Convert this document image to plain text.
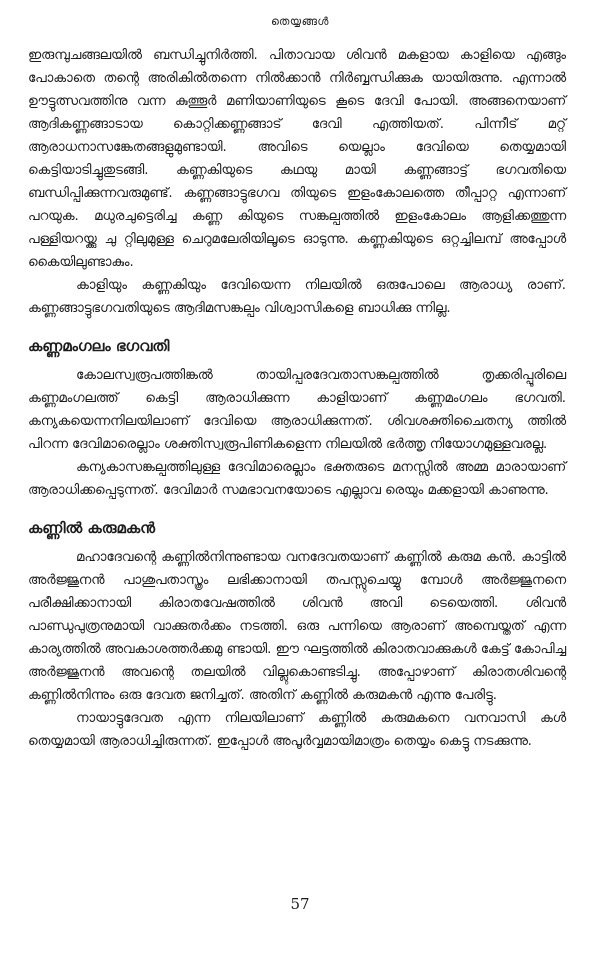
തെയ്യങ്ങൾ

ഇരുമ്പുചങ്ങലയിൽ ബന്ധിച്ചുനിർത്തി. പിതാവായ ശിവൻ മകളായ കാളിയെ എങ്ങും പോകാതെ തന്റെ അരികിൽതന്നെ നിൽക്കാൻ നിർബ്ബന്ധിക്കുക യായിരുന്നു. എന്നാൽ ഊട്ടുത്സവത്തിനു വന്ന കുത്തൂർ മണിയാണിയുടെ കൂടെ ദേവി പോയി. അങ്ങനെയാണ് ആദികണ്ണങ്ങാടായ കൊറ്റിക്കണ്ണങ്ങാട് ദേവി എത്തിയത്. പിന്നീട് മറ്റ് ആരാധനാസങ്കേതങ്ങളുമുണ്ടായി. അവിടെ യെല്ലാം ദേവിയെ തെയ്യമായി കെട്ടിയാടിച്ചുതുടങ്ങി. കണ്ണകിയുടെ കഥയു മായി കണ്ണങ്ങാട്ട് ഭഗവതിയെ ബന്ധിപ്പിക്കുന്നവരുമുണ്ട്. കണ്ണങ്ങാട്ടുഭഗവ തിയുടെ ഇളംകോലത്തെ തീപ്പാറ്റ എന്നാണ് പറയുക. മധുരചുട്ടെരിച്ച കണ്ണ കിയുടെ സങ്കല്പത്തിൽ ഇളംകോലം ആളിക്കത്തുന്ന പള്ളിയറയ്ക്കു ചു റ്റിലുമുള്ള ചെറുമലേരിയിലൂടെ ഓടുന്നു. കണ്ണകിയുടെ ഒറ്റച്ചിലമ്പ് അപ്പോൾ കൈയിലുണ്ടാകും.

കാളിയും കണ്ണകിയും ദേവിയെന്ന നിലയിൽ ഒരുപോലെ ആരാധ്യ രാണ്. കണ്ണങ്ങാട്ടുഭഗവതിയുടെ ആദിമസങ്കല്പം വിശ്വാസികളെ ബാധിക്കു ന്നില്ല.

കണ്ണമംഗലം ഭഗവതി

കോലസ്വരൂപത്തിങ്കൽ തായിപ്പരദേവതാസങ്കല്പത്തിൽ തൃക്കരിപ്പൂരിലെ കണ്ണമംഗലത്ത് കെട്ടി ആരാധിക്കുന്ന കാളിയാണ് കണ്ണമംഗലം ഭഗവതി. കന്യകയെന്നനിലയിലാണ് ദേവിയെ ആരാധിക്കുന്നത്. ശിവശക്തിചൈതന്യ ത്തിൽ പിറന്ന ദേവിമാരെല്ലാം ശക്തിസ്വരൂപിണികളെന്ന നിലയിൽ ഭർത്തൃ നിയോഗമുള്ളവരല്ല.

കന്യകാസങ്കല്പത്തിലുള്ള ദേവിമാരെല്ലാം ഭക്തരുടെ മനസ്സിൽ അമ്മ മാരായാണ് ആരാധിക്കപ്പെടുന്നത്. ദേവിമാർ സമഭാവനയോടെ എല്ലാവ രെയും മക്കളായി കാണുന്നു.

കണ്ണിൽ കരുമകൻ

മഹാദേവന്റെ കണ്ണിൽനിന്നുണ്ടായ വനദേവതയാണ് കണ്ണിൽ കരുമ കൻ. കാട്ടിൽ അർജ്ജുനൻ പാശുപതാസ്ത്രം ലഭിക്കാനായി തപസ്സുചെയ്യു മ്പോൾ അർജ്ജുനനെ പരീക്ഷിക്കാനായി കിരാതവേഷത്തിൽ ശിവൻ അവി ടെയെത്തി. ശിവൻ പാണ്ഡുപുത്രനുമായി വാക്കുതർക്കം നടത്തി. ഒരു പന്നിയെ ആരാണ് അമ്പെയ്തത് എന്ന കാര്യത്തിൽ അവകാശത്തർക്കമു ണ്ടായി. ഈ ഘട്ടത്തിൽ കിരാതവാക്കുകൾ കേട്ട് കോപിച്ച അർജ്ജുനൻ അവന്റെ തലയിൽ വില്ലുകൊണ്ടടിച്ചു. അപ്പോഴാണ് കിരാതശിവന്റെ കണ്ണിൽനിന്നും ഒരു ദേവത ജനിച്ചത്. അതിന് കണ്ണിൽ കരുമകൻ എന്നു പേരിട്ടു.

നായാട്ടുദേവത എന്ന നിലയിലാണ് കണ്ണിൽ കരുമകനെ വനവാസി കൾ തെയ്യമായി ആരാധിച്ചിരുന്നത്. ഇപ്പോൾ അപൂർവ്വമായിമാത്രം തെയ്യം കെട്ടു നടക്കുന്നു.

57
